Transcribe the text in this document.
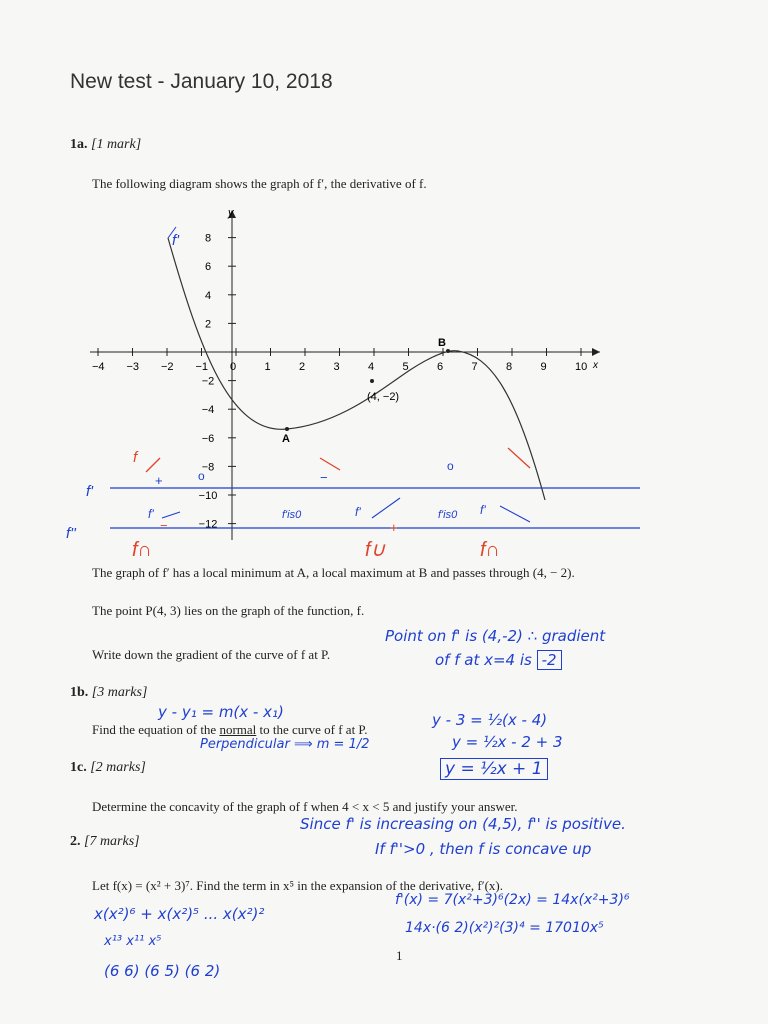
New test - January 10, 2018
1a. [1 mark]
The following diagram shows the graph of f′, the derivative of f.
y
x
−4 −3 −2 −1 0	1	2	3	4	5	6	7	8	9	10
8
6
4
2
−2
−4
−6
−8
−10
−12
f'
A
B
(4, −2)
f'
f''
f
+	o	−
o
f'
−
f'is0	f'
+
f'is0 f'
f∩	f∪	f∩
The graph of f′ has a local minimum at A, a local maximum at B and passes through (4, − 2).
The point P(4, 3) lies on the graph of the function, f.
Write down the gradient of the curve of f at P.
Point on f' is (4,-2) ∴ gradient
of f at x=4 is -2
1b. [3 marks]
y - y₁ = m(x - x₁)
Find the equation of the normal to the curve of f at P.
Perpendicular ⟹ m = 1/2
y - 3 = ½(x - 4)
y = ½x - 2 + 3
y = ½x + 1
1c. [2 marks]
Determine the concavity of the graph of f when 4 < x < 5 and justify your answer.
Since f' is increasing on (4,5), f'' is positive.
If f''>0 , then f is concave up
2. [7 marks]
Let f(x) = (x² + 3)⁷. Find the term in x⁵ in the expansion of the derivative, f′(x).
x(x²)⁶ + x(x²)⁵ ... x(x²)²
x¹³ x¹¹ x⁵
(6 6) (6 5) (6 2)
f'(x) = 7(x²+3)⁶(2x) = 14x(x²+3)⁶
14x·(6 2)(x²)²(3)⁴ = 17010x⁵
1
